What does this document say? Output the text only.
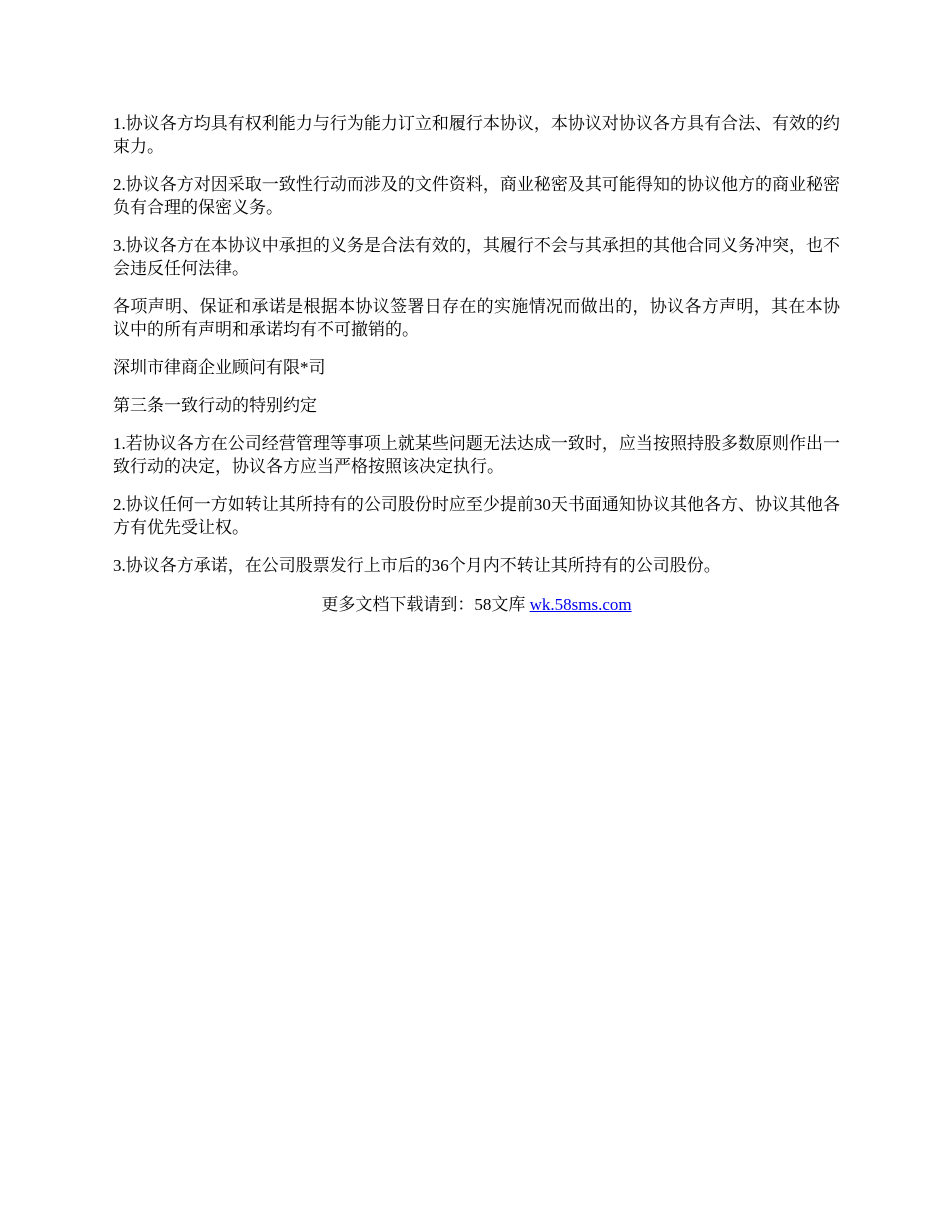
1.协议各方均具有权利能力与行为能力订立和履行本协议，本协议对协议各方具有合法、有效的约束力。

2.协议各方对因采取一致性行动而涉及的文件资料，商业秘密及其可能得知的协议他方的商业秘密负有合理的保密义务。

3.协议各方在本协议中承担的义务是合法有效的，其履行不会与其承担的其他合同义务冲突，也不会违反任何法律。

各项声明、保证和承诺是根据本协议签署日存在的实施情况而做出的，协议各方声明，其在本协议中的所有声明和承诺均有不可撤销的。

深圳市律商企业顾问有限*司

第三条一致行动的特别约定

1.若协议各方在公司经营管理等事项上就某些问题无法达成一致时，应当按照持股多数原则作出一致行动的决定，协议各方应当严格按照该决定执行。

2.协议任何一方如转让其所持有的公司股份时应至少提前30天书面通知协议其他各方、协议其他各方有优先受让权。

3.协议各方承诺，在公司股票发行上市后的36个月内不转让其所持有的公司股份。

更多文档下载请到：58文库 wk.58sms.com
